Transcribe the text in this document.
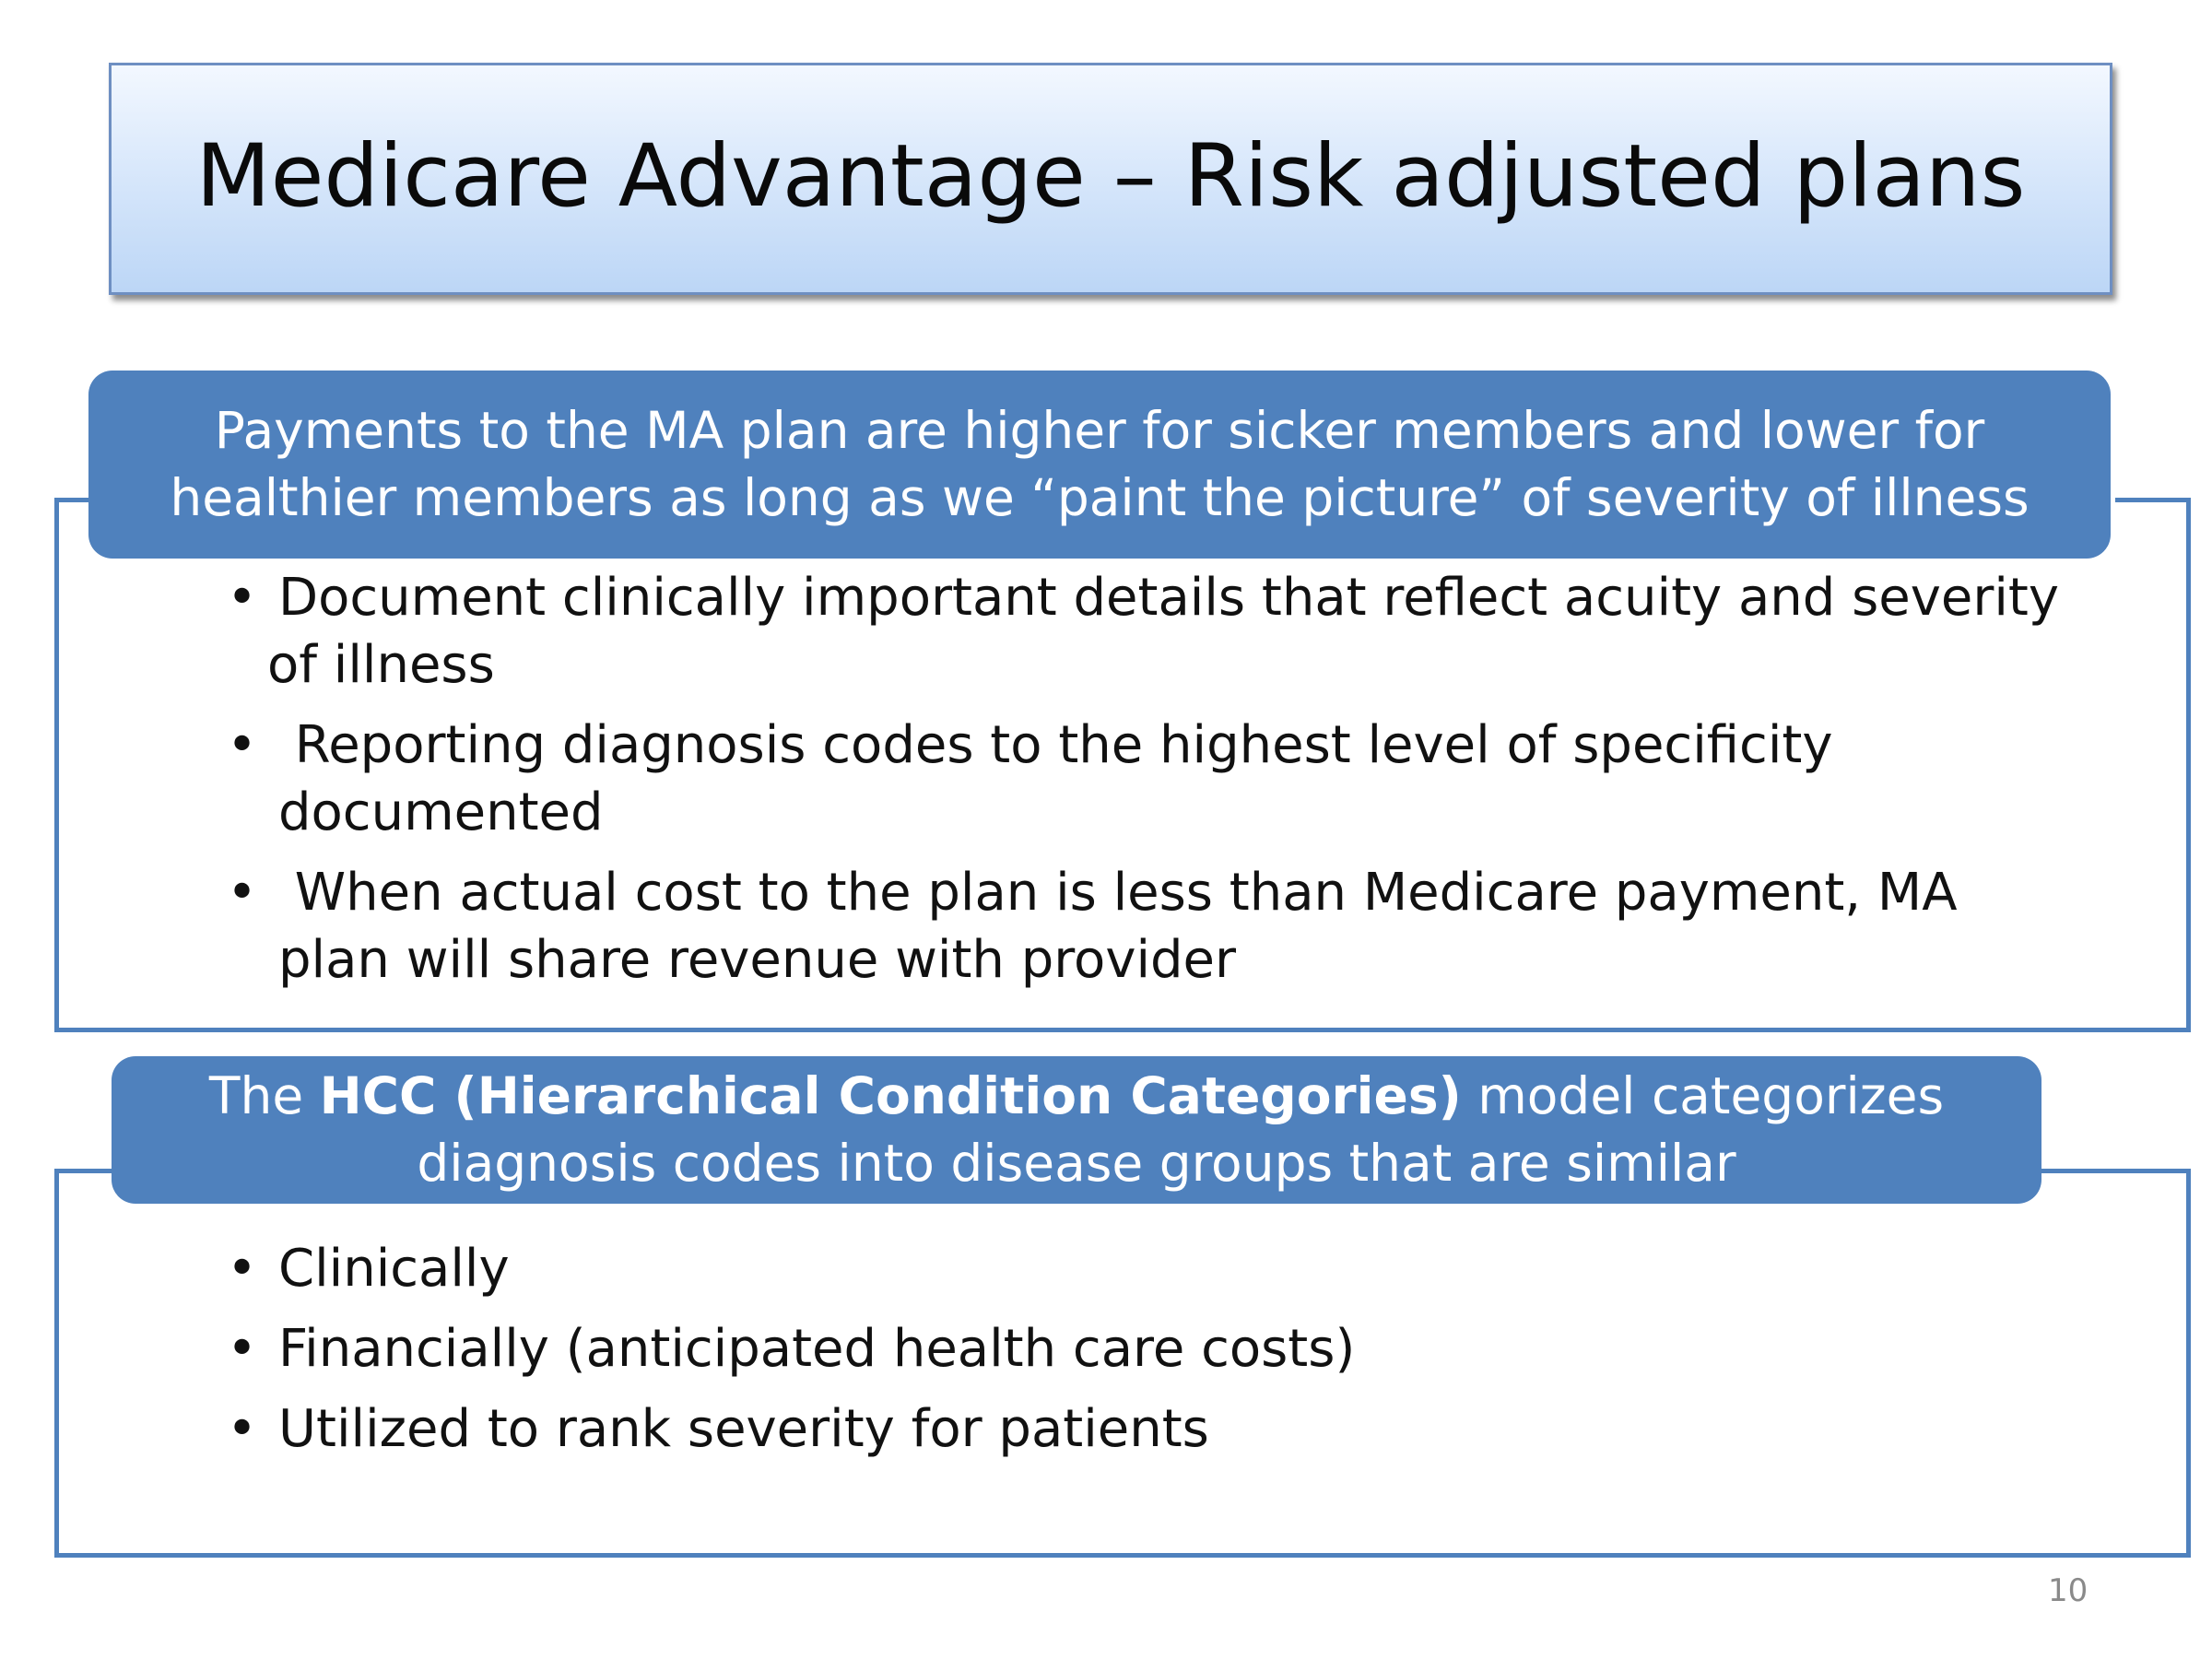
Medicare Advantage – Risk adjusted plans
Payments to the MA plan are higher for sicker members and lower for
healthier members as long as we “paint the picture” of severity of illness
• Document clinically important details that reflect acuity and severity
of illness
• Reporting diagnosis codes to the highest level of specificity
documented
• When actual cost to the plan is less than Medicare payment, MA
plan will share revenue with provider
The HCC (Hierarchical Condition Categories) model categorizes
diagnosis codes into disease groups that are similar
• Clinically
• Financially (anticipated health care costs)
• Utilized to rank severity for patients
10
